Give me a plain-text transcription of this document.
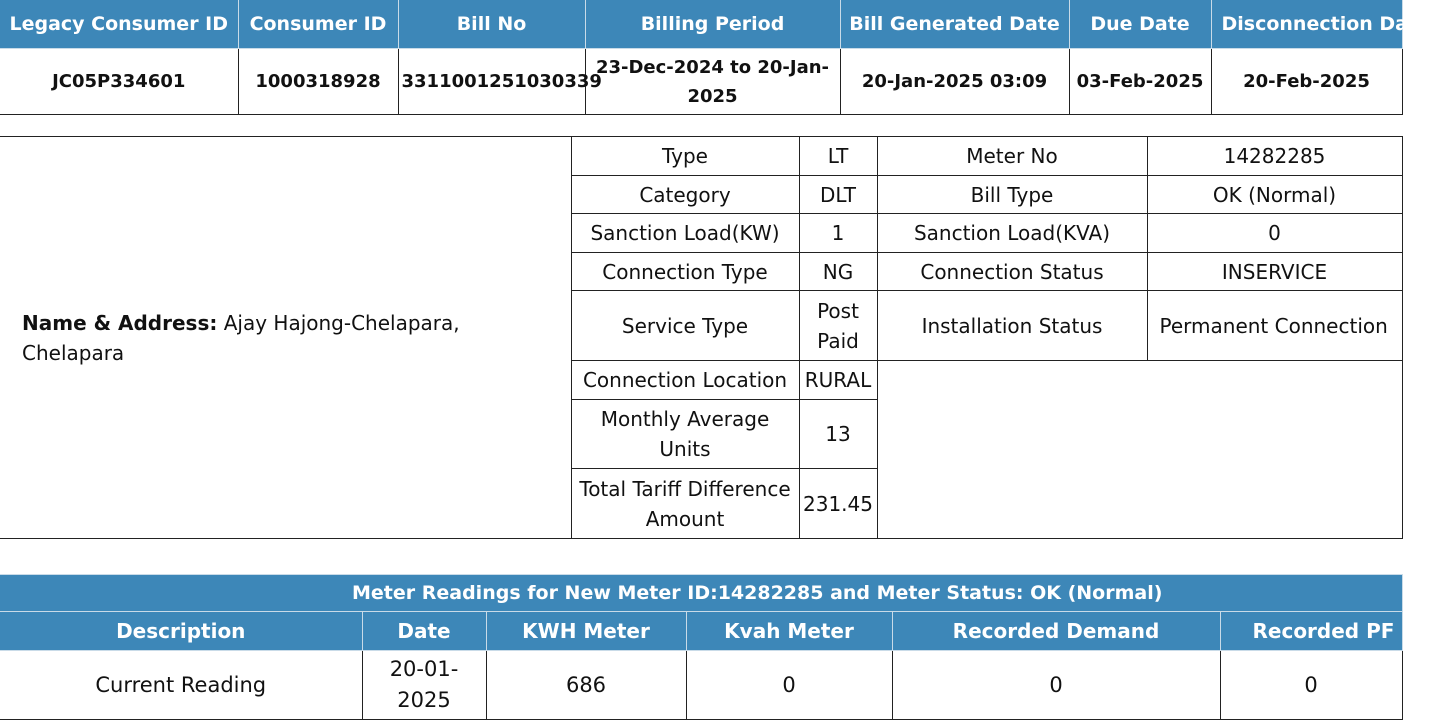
Legacy Consumer ID	Consumer ID	Bill No	Billing Period	Bill Generated Date	Due Date	Disconnection Date
JC05P334601	1000318928	3311001251030339	23-Dec-2024 to 20-Jan-2025	20-Jan-2025 03:09	03-Feb-2025	20-Feb-2025
Name & Address: Ajay Hajong-Chelapara, Chelapara	Type	LT	Meter No	14282285
	Category	DLT	Bill Type	OK (Normal)
	Sanction Load(KW)	1	Sanction Load(KVA)	0
	Connection Type	NG	Connection Status	INSERVICE
	Service Type	Post Paid	Installation Status	Permanent Connection
	Connection Location	RURAL		
	Monthly Average Units	13		
	Total Tariff Difference Amount	231.45		
Meter Readings for New Meter ID:14282285 and Meter Status: OK (Normal)					
Description	Date	KWH Meter	Kvah Meter	Recorded Demand	Recorded PF
Current Reading	20-01-2025	686	0	0	0
